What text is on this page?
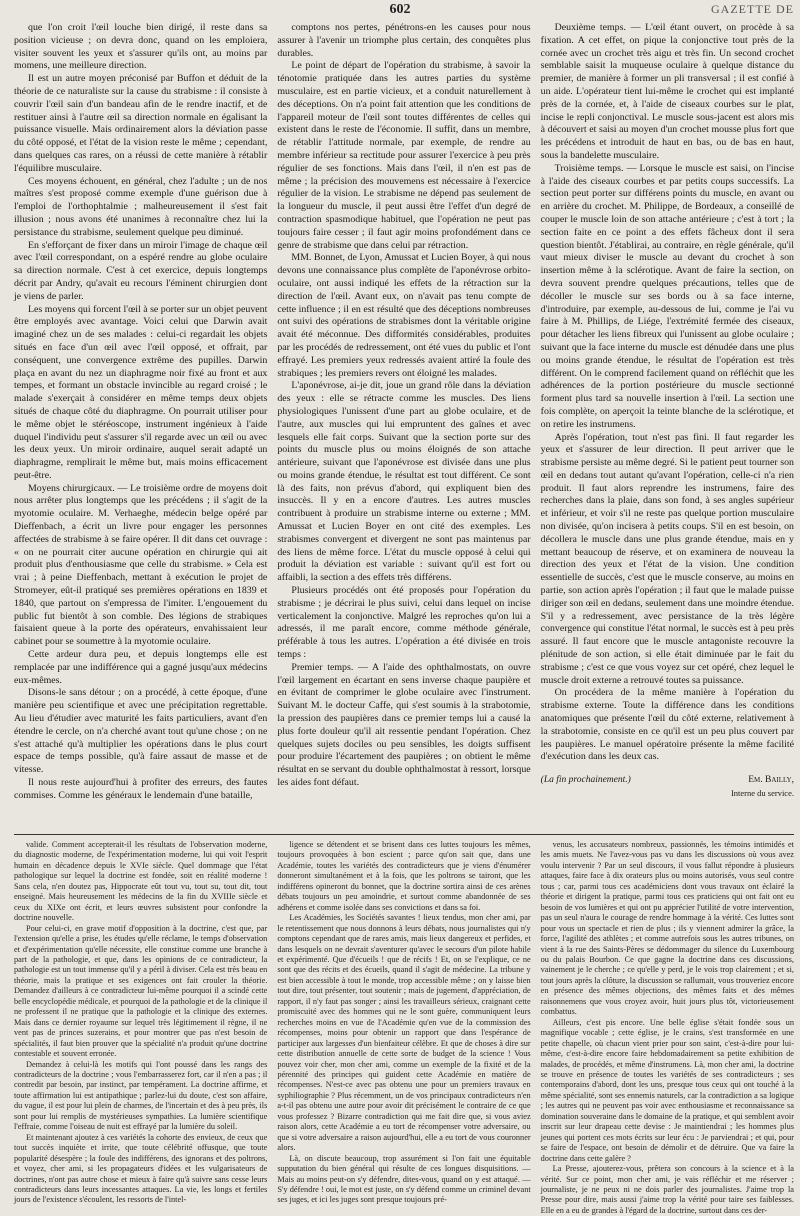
602	GAZETTE DE

que l'on croit l'œil louche bien dirigé, il reste dans sa position vicieuse ; on devra donc, quand on les emploiera, visiter souvent les yeux et s'assurer qu'ils ont, au moins par momens, une meilleure direction.

Il est un autre moyen préconisé par Buffon et déduit de la théorie de ce naturaliste sur la cause du strabisme : il consiste à couvrir l'œil sain d'un bandeau afin de le rendre inactif, et de restituer ainsi à l'autre œil sa direction normale en égalisant la puissance visuelle. Mais ordinairement alors la déviation passe du côté opposé, et l'état de la vision reste le même ; cependant, dans quelques cas rares, on a réussi de cette manière à rétablir l'équilibre musculaire.

Ces moyens échouent, en général, chez l'adulte ; un de nos maîtres s'est proposé comme exemple d'une guérison due à l'emploi de l'orthophtalmie ; malheureusement il s'est fait illusion ; nous avons été unanimes à reconnaître chez lui la persistance du strabisme, seulement quelque peu diminué.

En s'efforçant de fixer dans un miroir l'image de chaque œil avec l'œil correspondant, on a espéré rendre au globe oculaire sa direction normale. C'est à cet exercice, depuis longtemps décrit par Andry, qu'avait eu recours l'éminent chirurgien dont je viens de parler.

Les moyens qui forcent l'œil à se porter sur un objet peuvent être employés avec avantage. Voici celui que Darwin avait imaginé chez un de ses malades : celui-ci regardait les objets situés en face d'un œil avec l'œil opposé, et offrait, par conséquent, une convergence extrême des pupilles. Darwin plaça en avant du nez un diaphragme noir fixé au front et aux tempes, et formant un obstacle invincible au regard croisé ; le malade s'exerçait à considérer en même temps deux objets situés de chaque côté du diaphragme. On pourrait utiliser pour le même objet le stéréoscope, instrument ingénieux à l'aide duquel l'individu peut s'assurer s'il regarde avec un œil ou avec les deux yeux. Un miroir ordinaire, auquel serait adapté un diaphragme, remplirait le même but, mais moins efficacement peut-être.

Moyens chirurgicaux. — Le troisième ordre de moyens doit nous arrêter plus longtemps que les précédens ; il s'agit de la myotomie oculaire. M. Verhaeghe, médecin belge opéré par Dieffenbach, a écrit un livre pour engager les personnes affectées de strabisme à se faire opérer. Il dit dans cet ouvrage : « on ne pourrait citer aucune opération en chirurgie qui ait produit plus d'enthousiasme que celle du strabisme. » Cela est vrai ; à peine Dieffenbach, mettant à exécution le projet de Stromeyer, eût-il pratiqué ses premières opérations en 1839 et 1840, que partout on s'empressa de l'imiter. L'engouement du public fut bientôt à son comble. Des légions de strabiques faisaient queue à la porte des opérateurs, envahissaient leur cabinet pour se soumettre à la myotomie oculaire.

Cette ardeur dura peu, et depuis longtemps elle est remplacée par une indifférence qui a gagné jusqu'aux médecins eux-mêmes.

Disons-le sans détour ; on a procédé, à cette époque, d'une manière peu scientifique et avec une précipitation regrettable. Au lieu d'étudier avec maturité les faits particuliers, avant d'en étendre le cercle, on n'a cherché avant tout qu'une chose ; on ne s'est attaché qu'à multiplier les opérations dans le plus court espace de temps possible, qu'à faire assaut de masse et de vitesse.

Il nous reste aujourd'hui à profiter des erreurs, des fautes commises. Comme les généraux le lendemain d'une bataille,

comptons nos pertes, pénétrons-en les causes pour nous assurer à l'avenir un triomphe plus certain, des conquêtes plus durables.

Le point de départ de l'opération du strabisme, à savoir la ténotomie pratiquée dans les autres parties du système musculaire, est en partie vicieux, et a conduit naturellement à des déceptions. On n'a point fait attention que les conditions de l'appareil moteur de l'œil sont toutes différentes de celles qui existent dans le reste de l'économie. Il suffit, dans un membre, de rétablir l'attitude normale, par exemple, de rendre au membre inférieur sa rectitude pour assurer l'exercice à peu près régulier de ses fonctions. Mais dans l'œil, il n'en est pas de même ; la précision des mouvemens est nécessaire à l'exercice régulier de la vision. Le strabisme ne dépend pas seulement de la longueur du muscle, il peut aussi être l'effet d'un degré de contraction spasmodique habituel, que l'opération ne peut pas toujours faire cesser ; il faut agir moins profondément dans ce genre de strabisme que dans celui par rétraction.

MM. Bonnet, de Lyon, Amussat et Lucien Boyer, à qui nous devons une connaissance plus complète de l'aponévrose orbito-oculaire, ont aussi indiqué les effets de la rétraction sur la direction de l'œil. Avant eux, on n'avait pas tenu compte de cette influence ; il en est résulté que des déceptions nombreuses ont suivi des opérations de strabismes dont la véritable origine avait été méconnue. Des difformités considérables, produites par les procédés de redressement, ont été vues du public et l'ont effrayé. Les premiers yeux redressés avaient attiré la foule des strabiques ; les premiers revers ont éloigné les malades.

L'aponévrose, ai-je dit, joue un grand rôle dans la déviation des yeux : elle se rétracte comme les muscles. Des liens physiologiques l'unissent d'une part au globe oculaire, et de l'autre, aux muscles qui lui empruntent des gaînes et avec lesquels elle fait corps. Suivant que la section porte sur des points du muscle plus ou moins éloignés de son attache antérieure, suivant que l'aponévrose est divisée dans une plus ou moins grande étendue, le résultat est tout différent. Ce sont là des faits, non prévus d'abord, qui expliquent bien des insuccès. Il y en a encore d'autres. Les autres muscles contribuent à produire un strabisme interne ou externe ; MM. Amussat et Lucien Boyer en ont cité des exemples. Les strabismes convergent et divergent ne sont pas maintenus par des liens de même force. L'état du muscle opposé à celui qui produit la déviation est variable : suivant qu'il est fort ou affaibli, la section a des effets très différens.

Plusieurs procédés ont été proposés pour l'opération du strabisme ; je décrirai le plus suivi, celui dans lequel on incise verticalement la conjonctive. Malgré les reproches qu'on lui a adressés, il me paraît encore, comme méthode générale, préférable à tous les autres. L'opération a été divisée en trois temps :

Premier temps. — A l'aide des ophthalmostats, on ouvre l'œil largement en écartant en sens inverse chaque paupière et en évitant de comprimer le globe oculaire avec l'instrument. Suivant M. le docteur Caffe, qui s'est soumis à la strabotomie, la pression des paupières dans ce premier temps lui a causé la plus forte douleur qu'il ait ressentie pendant l'opération. Chez quelques sujets dociles ou peu sensibles, les doigts suffisent pour produire l'écartement des paupières ; on obtient le même résultat en se servant du double ophthalmostat à ressort, lorsque les aides font défaut.

Deuxième temps. — L'œil étant ouvert, on procède à sa fixation. A cet effet, on pique la conjonctive tout près de la cornée avec un crochet très aigu et très fin. Un second crochet semblable saisit la muqueuse oculaire à quelque distance du premier, de manière à former un pli transversal ; il est confié à un aide. L'opérateur tient lui-même le crochet qui est implanté près de la cornée, et, à l'aide de ciseaux courbes sur le plat, incise le repli conjonctival. Le muscle sous-jacent est alors mis à découvert et saisi au moyen d'un crochet mousse plus fort que les précédens et introduit de haut en bas, ou de bas en haut, sous la bandelette musculaire.

Troisième temps. — Lorsque le muscle est saisi, on l'incise à l'aide des ciseaux courbes et par petits coups successifs. La section peut porter sur différens points du muscle, en avant ou en arrière du crochet. M. Philippe, de Bordeaux, a conseillé de couper le muscle loin de son attache antérieure ; c'est à tort ; la section faite en ce point a des effets fâcheux dont il sera question bientôt. J'établirai, au contraire, en règle générale, qu'il vaut mieux diviser le muscle au devant du crochet à son insertion même à la sclérotique. Avant de faire la section, on devra souvent prendre quelques précautions, telles que de décoller le muscle sur ses bords ou à sa face interne, d'introduire, par exemple, au-dessous de lui, comme je l'ai vu faire à M. Phillips, de Liége, l'extrémité fermée des ciseaux, pour détacher les liens fibreux qui l'unissent au globe oculaire ; suivant que la face interne du muscle est dénudée dans une plus ou moins grande étendue, le résultat de l'opération est très différent. On le comprend facilement quand on réfléchit que les adhérences de la portion postérieure du muscle sectionné forment plus tard sa nouvelle insertion à l'œil. La section une fois complète, on aperçoit la teinte blanche de la sclérotique, et on retire les instrumens.

Après l'opération, tout n'est pas fini. Il faut regarder les yeux et s'assurer de leur direction. Il peut arriver que le strabisme persiste au même degré. Si le patient peut tourner son œil en dedans tout autant qu'avant l'opération, celle-ci n'a rien produit. Il faut alors reprendre les instrumens, faire des recherches dans la plaie, dans son fond, à ses angles supérieur et inférieur, et voir s'il ne reste pas quelque portion musculaire non divisée, qu'on incisera à petits coups. S'il en est besoin, on décollera le muscle dans une plus grande étendue, mais en y mettant beaucoup de réserve, et on examinera de nouveau la direction des yeux et l'état de la vision. Une condition essentielle de succès, c'est que le muscle conserve, au moins en partie, son action après l'opération ; il faut que le malade puisse diriger son œil en dedans, seulement dans une moindre étendue. S'il y a redressement, avec persistance de la très légère convergence qui constitue l'état normal, le succès est à peu près assuré. Il faut encore que le muscle antagoniste recouvre la plénitude de son action, si elle était diminuée par le fait du strabisme ; c'est ce que vous voyez sur cet opéré, chez lequel le muscle droit externe a retrouvé toutes sa puissance.

On procédera de la même manière à l'opération du strabisme externe. Toute la différence dans les conditions anatomiques que présente l'œil du côté externe, relativement à la strabotomie, consiste en ce qu'il est un peu plus couvert par les paupières. Le manuel opératoire présente la même facilité d'exécution dans les deux cas.

(La fin prochainement.)	Em. Bailly,
Interne du service.

valide. Comment accepterait-il les résultats de l'observation moderne, du diagnostic moderne, de l'expérimentation moderne, lui qui voit l'esprit humain en décadence depuis le XVIe siècle. Quel dommage que l'état pathologique sur lequel la doctrine est fondée, soit en réalité moderne ! Sans cela, n'en doutez pas, Hippocrate eût tout vu, tout su, tout dit, tout enseigné. Mais heureusement les médecins de la fin du XVIIIe siècle et ceux du XIXe ont écrit, et leurs œuvres subsistent pour confondre la doctrine nouvelle.

Pour celui-ci, en grave motif d'opposition à la doctrine, c'est que, par l'extension qu'elle a prise, les études qu'elle réclame, le temps d'observation et d'expérimentation qu'elle nécessite, elle constitue comme une branche à part de la pathologie, et que, dans les opinions de ce contradicteur, la pathologie est un tout immense qu'il y a péril à diviser. Cela est très beau en théorie, mais la pratique et ses exigences ont fait crouler la théorie. Demandez d'ailleurs à ce contradicteur lui-même pourquoi il a scindé cette belle encyclopédie médicale, et pourquoi de la pathologie et de la clinique il ne professent il ne pratique que la pathologie et la clinique des externes. Mais dans ce dernier royaume sur lequel très légitimement il règne, il ne vent pas de princes suzerains, et pour montrer que pas n'est besoin de spécialités, il faut bien prouver que la spécialité n'a produit qu'une doctrine contestable et souvent erronée.

Demandez à celui-là les motifs qui l'ont poussé dans les rangs des contradicteurs de la doctrine ; vous l'embarrasserez fort, car il n'en a pas ; il contredit par besoin, par instinct, par tempérament. La doctrine affirme, et toute affirmation lui est antipathique ; parlez-lui du doute, c'est son affaire, du vague, il est pour lui plein de charmes, de l'incertain et des à peu près, ils sont pour lui remplis de mystérieuses sympathies. La lumière scientifique l'effraie, comme l'oiseau de nuit est effrayé par la lumière du soleil.

Et maintenant ajoutez à ces variétés la cohorte des envieux, de ceux que tout succès inquiète et irrite, que toute célébrité offusque, que toute popularité désespère ; la foule des indifférens, des ignorans et des poltrons, et voyez, cher ami, si les propagateurs d'idées et les vulgarisateurs de doctrines, n'ont pas autre chose et mieux à faire qu'à suivre sans cesse leurs contradicteurs dans leurs incessantes attaques. La vie, les longs et fertiles jours de l'existence s'écoulent, les ressorts de l'intel-

ligence se détendent et se brisent dans ces luttes toujours les mêmes, toujours provoquées à bon escient ; parce qu'on sait que, dans une Académie, toutes les variétés des contradicteurs que je viens d'énumérer donneront simultanément et à la fois, que les poltrons se tairont, que les indifférens opineront du bonnet, que la doctrine sortira ainsi de ces arènes débats toujours un peu amoindrie, et surtout comme abandonnée de ses adhérens et comme isolée dans ses convictions et dans sa foi.

Les Académies, les Sociétés savantes ! lieux tendus, mon cher ami, par le retentissement que nous donnons à leurs débats, nous journalistes qui n'y comptons cependant que de rares amis, mais lieux dangereux et perfides, et dans lesquels on ne devrait s'aventurer qu'avec le secours d'un pilote habile et expérimenté. Que d'écueils ! que de récifs ! Et, on se l'explique, ce ne sont que des récits et des écueils, quand il s'agit de médecine. La tribune y est bien accessible à tout le monde, trop accessible même ; on y laisse bien tout dire, tout présenter, tout soutenir ; mais de jugement, d'appréciation, de rapport, il n'y faut pas songer ; ainsi les travailleurs sérieux, craignant cette promiscuité avec des hommes qui ne le sont guère, communiquent leurs recherches moins en vue de l'Académie qu'en vue de la commission des récompenses, moins pour obtenir un rapport que dans l'espérance de participer aux largesses d'un bienfaiteur célèbre. Et que de choses à dire sur cette distribution annuelle de cette sorte de budget de la science ! Vous pouvez voir cher, mon cher ami, comme un exemple de la fixité et de la pérennité des principes qui guident cette Académie en matière de récompenses. N'est-ce avec pas obtenu une pour un premiers travaux en syphiliographie ? Plus récemment, un de vos principaux contradicteurs n'en a-t-il pas obtenu une autre pour avoir dit précisément le contraire de ce que vous professez ? Bizarre contradiction qui me fait dire que, si vous aviez raison alors, cette Académie a eu tort de récompenser votre adversaire, ou que si votre adversaire a raison aujourd'hui, elle a eu tort de vous couronner alors.

Là, on discute beaucoup, trop assurément si l'on fait une équitable supputation du bien général qui résulte de ces longues disquisitions. — Mais au moins peut-on s'y défendre, dites-vous, quand on y est attaqué. — S'y défendre ! oui, le mot est juste, on s'y défend comme un criminel devant ses juges, et ici les juges sont presque toujours pré-

venus, les accusateurs nombreux, passionnés, les témoins intimidés et les amis muets. Ne l'avez-vous pas vu dans les discussions où vous avez voulu intervenir ? Par un seul discours, il vous fallut répondre à plusieurs attaques, faire face à dix orateurs plus ou moins autorisés, vous seul contre tous ; car, parmi tous ces académiciens dont vous travaux ont éclairé la théorie et dirigent la pratique, parmi tous ces praticiens qui ont fait ont eu besoin de vos lumières et qui ont pu apprécier l'utilité de votre intervention, pas un seul n'aura le courage de rendre hommage à la vérité. Ces luttes sont pour vous un spectacle et rien de plus ; ils y viennent admirer la grâce, la force, l'agilité des athlètes ; et comme autrefois sous les autres tribunes, on vient à la rue des Saints-Pères se dédommager du silence du Luxembourg ou du palais Bourbon. Ce que gagne la doctrine dans ces discussions, vainement je le cherche ; ce qu'elle y perd, je le vois trop clairement ; et si, tout jours après la clôture, la discussion se rallumait, vous trouveriez encore en présence des mêmes objections, des mêmes faits et des mêmes raisonnemens que vous croyez avoir, huit jours plus tôt, victorieusement combattus.

Ailleurs, c'est pis encore. Une belle église s'était fondée sous un magnifique vocable ; cette église, je le crains, s'est transformée en une petite chapelle, où chacun vient prier pour son saint, c'est-à-dire pour lui-même, c'est-à-dire encore faire hebdomadairement sa petite exhibition de malades, de procédés, et même d'instrumens. Là, mon cher ami, la doctrine se trouve en présence de toutes les variétés de ses contradicteurs ; ses contemporains d'abord, dont les uns, presque tous ceux qui ont touché à la même spécialité, sont ses ennemis naturels, car la contradiction a sa logique ; les autres qui ne peuvent pas voir avec enthousiasme et reconnaissance sa domination souveraine dans le domaine de la pratique, et qui semblent avoir inscrit sur leur drapeau cette devise : Je maintiendrai ; les hommes plus jeunes qui portent ces mots écrits sur leur écu : Je parviendrai ; et qui, pour se faire de l'espace, ont besoin de démolir et de détruire. Que va faire la doctrine dans cette galère ?

La Presse, ajouterez-vous, prêtera son concours à la science et à la vérité. Sur ce point, mon cher ami, je vais réfléchir et me réserver ; journaliste, je ne peux ni ne dois parler des journalistes. J'aime trop la Presse pour dire, mais aussi j'aime trop la vérité pour taire ses faiblesses. Elle en a eu de grandes à l'égard de la doctrine, surtout dans ces der-
